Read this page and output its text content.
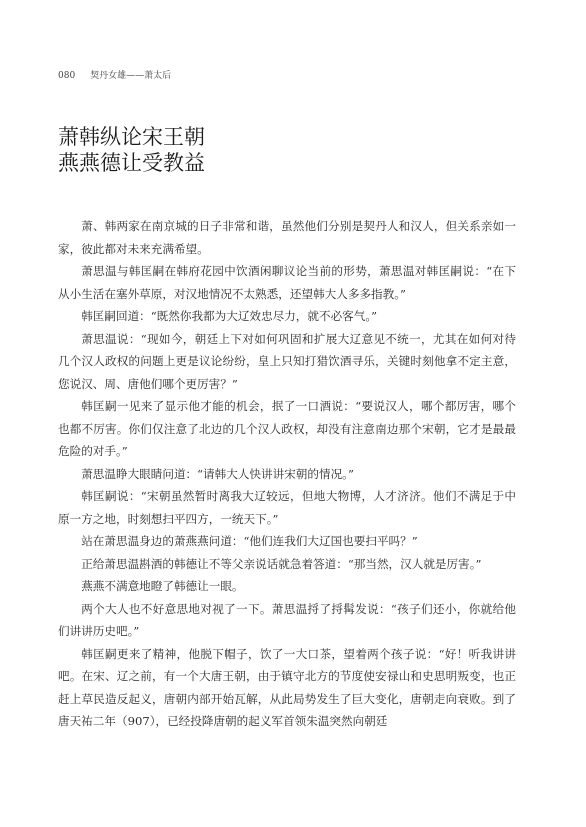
080 契丹女雄——萧太后
萧韩纵论宋王朝
燕燕德让受教益

萧、韩两家在南京城的日子非常和谐，虽然他们分别是契丹人和汉人，但关系亲如一家，彼此都对未来充满希望。

萧思温与韩匡嗣在韩府花园中饮酒闲聊议论当前的形势，萧思温对韩匡嗣说：“在下从小生活在塞外草原，对汉地情况不太熟悉，还望韩大人多多指教。”

韩匡嗣回道：“既然你我都为大辽效忠尽力，就不必客气。”

萧思温说：“现如今，朝廷上下对如何巩固和扩展大辽意见不统一，尤其在如何对待几个汉人政权的问题上更是议论纷纷，皇上只知打猎饮酒寻乐，关键时刻他拿不定主意，您说汉、周、唐他们哪个更厉害？”

韩匡嗣一见来了显示他才能的机会，抿了一口酒说：“要说汉人，哪个都厉害，哪个也都不厉害。你们仅注意了北边的几个汉人政权，却没有注意南边那个宋朝，它才是最最危险的对手。”

萧思温睁大眼睛问道：“请韩大人快讲讲宋朝的情况。”

韩匡嗣说：“宋朝虽然暂时离我大辽较远，但地大物博，人才济济。他们不满足于中原一方之地，时刻想扫平四方，一统天下。”

站在萧思温身边的萧燕燕问道：“他们连我们大辽国也要扫平吗？”

正给萧思温斟酒的韩德让不等父亲说话就急着答道：“那当然，汉人就是厉害。”

燕燕不满意地瞪了韩德让一眼。

两个大人也不好意思地对视了一下。萧思温捋了捋髯发说：“孩子们还小，你就给他们讲讲历史吧。”

韩匡嗣更来了精神，他脱下帽子，饮了一大口茶，望着两个孩子说：“好！听我讲讲吧。在宋、辽之前，有一个大唐王朝，由于镇守北方的节度使安禄山和史思明叛变，也正赶上草民造反起义，唐朝内部开始瓦解，从此局势发生了巨大变化，唐朝走向衰败。到了唐天祐二年（907），已经投降唐朝的起义军首领朱温突然向朝廷
